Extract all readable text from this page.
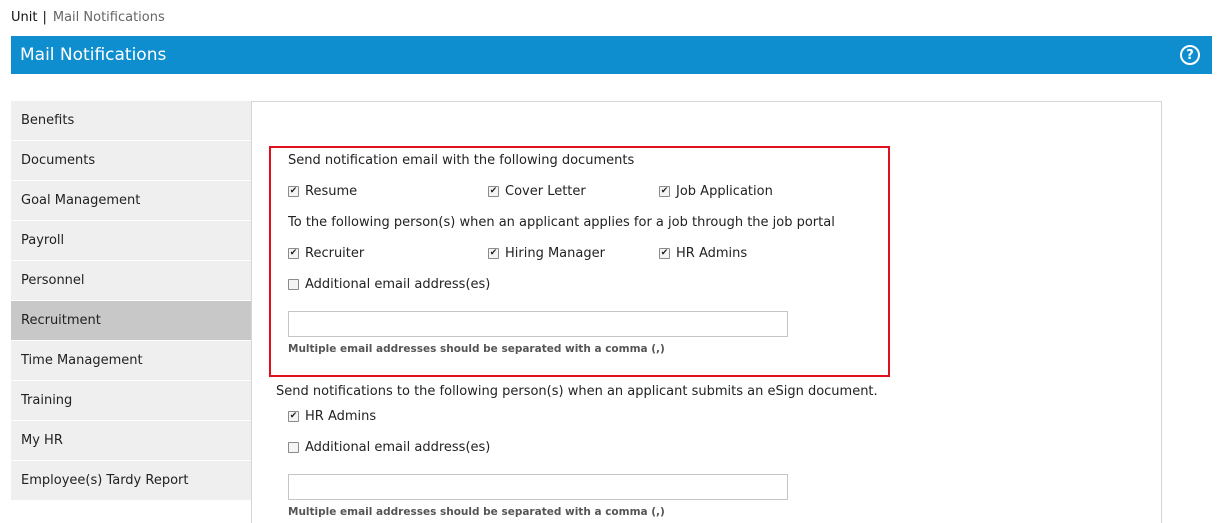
Unit | Mail Notifications
Mail Notifications	?
Benefits
Documents
Goal Management
Payroll
Personnel
Recruitment
Time Management
Training
My HR
Employee(s) Tardy Report
Send notification email with the following documents
✔ Resume	✔ Cover Letter	✔ Job Application
To the following person(s) when an applicant applies for a job through the job portal
✔ Recruiter	✔ Hiring Manager	✔ HR Admins
Additional email address(es)
Multiple email addresses should be separated with a comma (,)
Send notifications to the following person(s) when an applicant submits an eSign document.
✔ HR Admins
Additional email address(es)
Multiple email addresses should be separated with a comma (,)
